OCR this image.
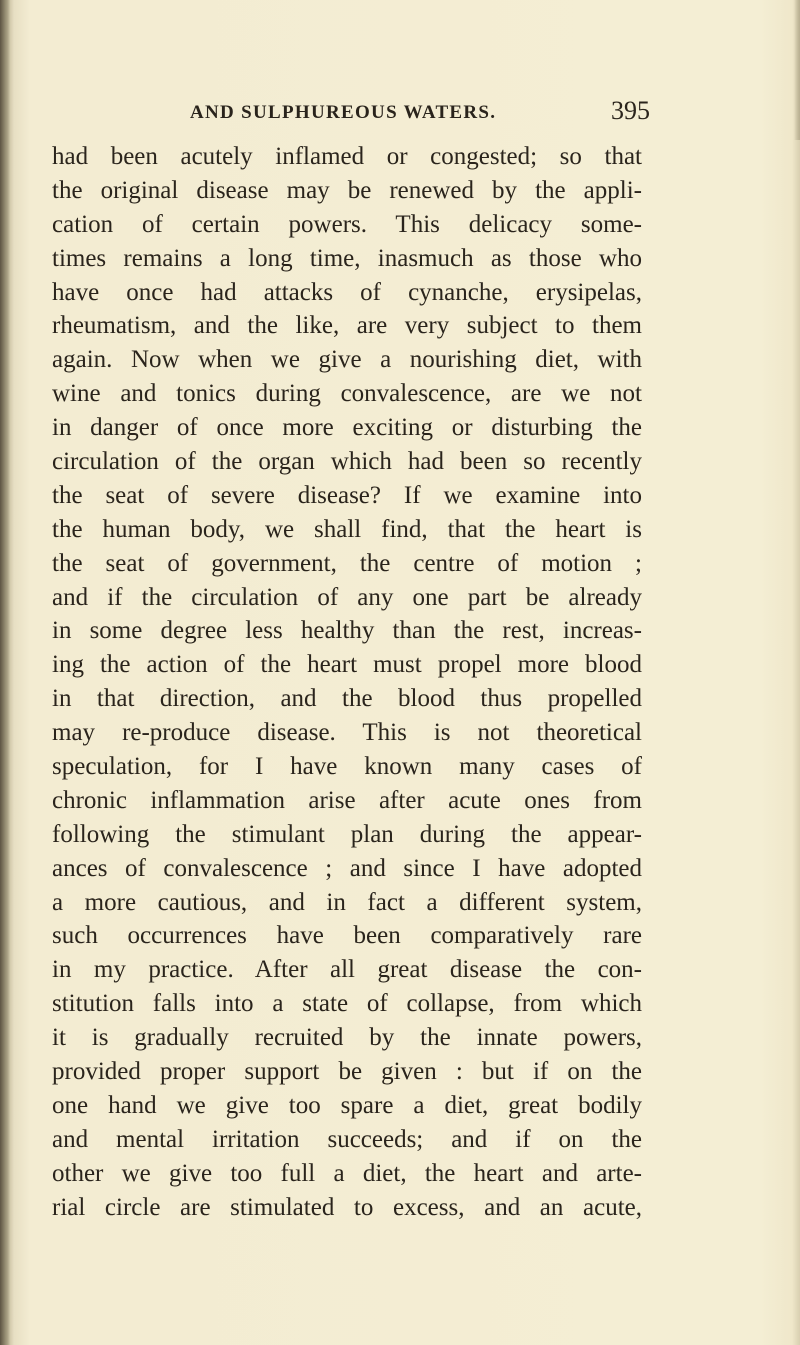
AND SULPHUREOUS WATERS.	395
had been acutely inflamed or congested; so that
the original disease may be renewed by the appli-
cation of certain powers. This delicacy some-
times remains a long time, inasmuch as those who
have once had attacks of cynanche, erysipelas,
rheumatism, and the like, are very subject to them
again. Now when we give a nourishing diet, with
wine and tonics during convalescence, are we not
in danger of once more exciting or disturbing the
circulation of the organ which had been so recently
the seat of severe disease? If we examine into
the human body, we shall find, that the heart is
the seat of government, the centre of motion ;
and if the circulation of any one part be already
in some degree less healthy than the rest, increas-
ing the action of the heart must propel more blood
in that direction, and the blood thus propelled
may re-produce disease. This is not theoretical
speculation, for I have known many cases of
chronic inflammation arise after acute ones from
following the stimulant plan during the appear-
ances of convalescence ; and since I have adopted
a more cautious, and in fact a different system,
such occurrences have been comparatively rare
in my practice. After all great disease the con-
stitution falls into a state of collapse, from which
it is gradually recruited by the innate powers,
provided proper support be given : but if on the
one hand we give too spare a diet, great bodily
and mental irritation succeeds; and if on the
other we give too full a diet, the heart and arte-
rial circle are stimulated to excess, and an acute,
